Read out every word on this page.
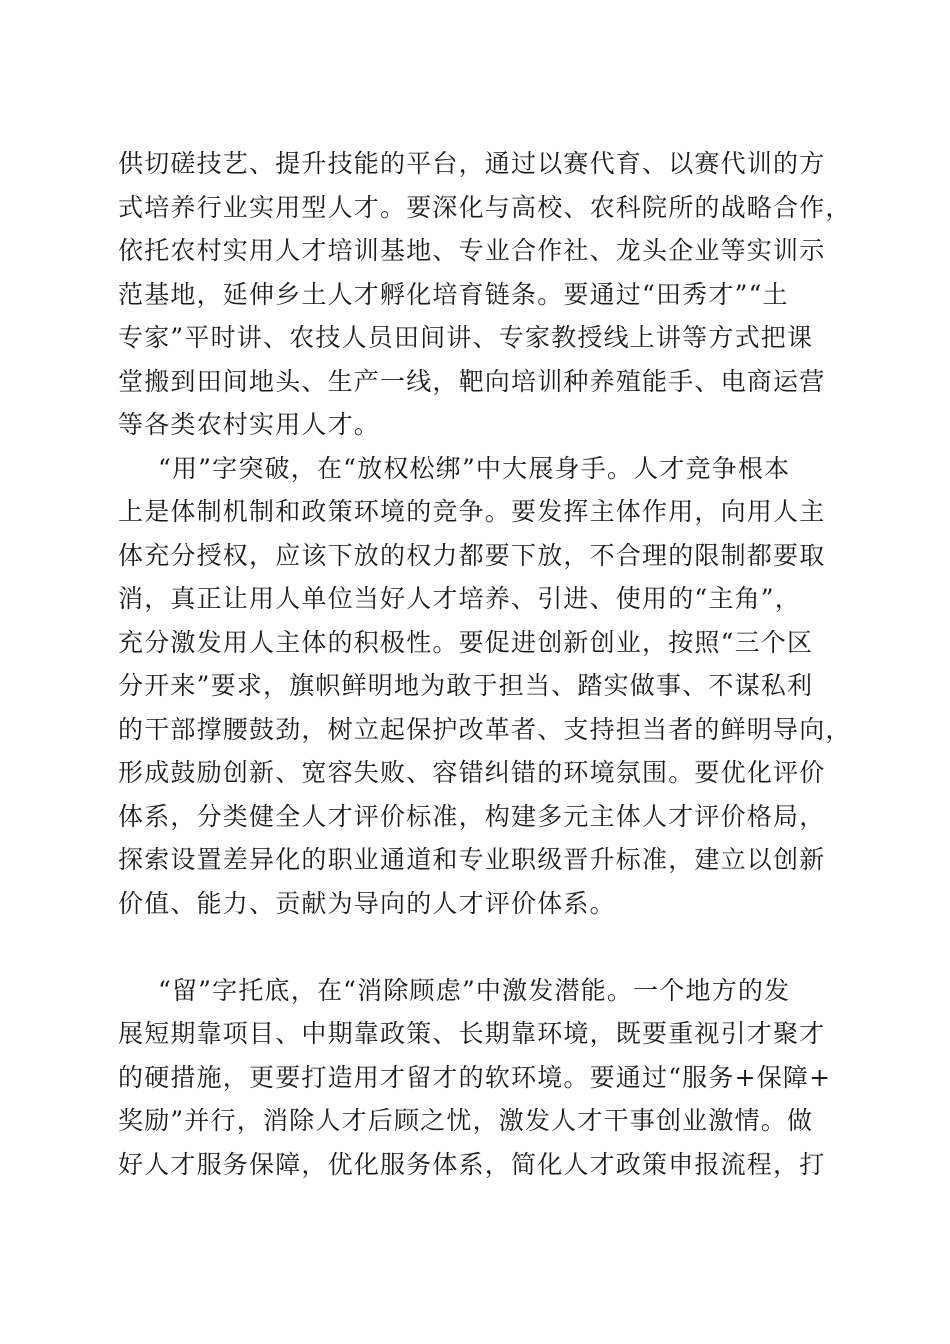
供切磋技艺、提升技能的平台，通过以赛代育、以赛代训的方
式培养行业实用型人才。要深化与高校、农科院所的战略合作，
依托农村实用人才培训基地、专业合作社、龙头企业等实训示
范基地，延伸乡土人才孵化培育链条。要通过“田秀才”“土
专家”平时讲、农技人员田间讲、专家教授线上讲等方式把课
堂搬到田间地头、生产一线，靶向培训种养殖能手、电商运营
等各类农村实用人才。
“用”字突破，在“放权松绑”中大展身手。人才竞争根本
上是体制机制和政策环境的竞争。要发挥主体作用，向用人主
体充分授权，应该下放的权力都要下放，不合理的限制都要取
消，真正让用人单位当好人才培养、引进、使用的“主角”，
充分激发用人主体的积极性。要促进创新创业，按照“三个区
分开来”要求，旗帜鲜明地为敢于担当、踏实做事、不谋私利
的干部撑腰鼓劲，树立起保护改革者、支持担当者的鲜明导向，
形成鼓励创新、宽容失败、容错纠错的环境氛围。要优化评价
体系，分类健全人才评价标准，构建多元主体人才评价格局，
探索设置差异化的职业通道和专业职级晋升标准，建立以创新
价值、能力、贡献为导向的人才评价体系。
“留”字托底，在“消除顾虑”中激发潜能。一个地方的发
展短期靠项目、中期靠政策、长期靠环境，既要重视引才聚才
的硬措施，更要打造用才留才的软环境。要通过“服务+保障+
奖励”并行，消除人才后顾之忧，激发人才干事创业激情。做
好人才服务保障，优化服务体系，简化人才政策申报流程，打
